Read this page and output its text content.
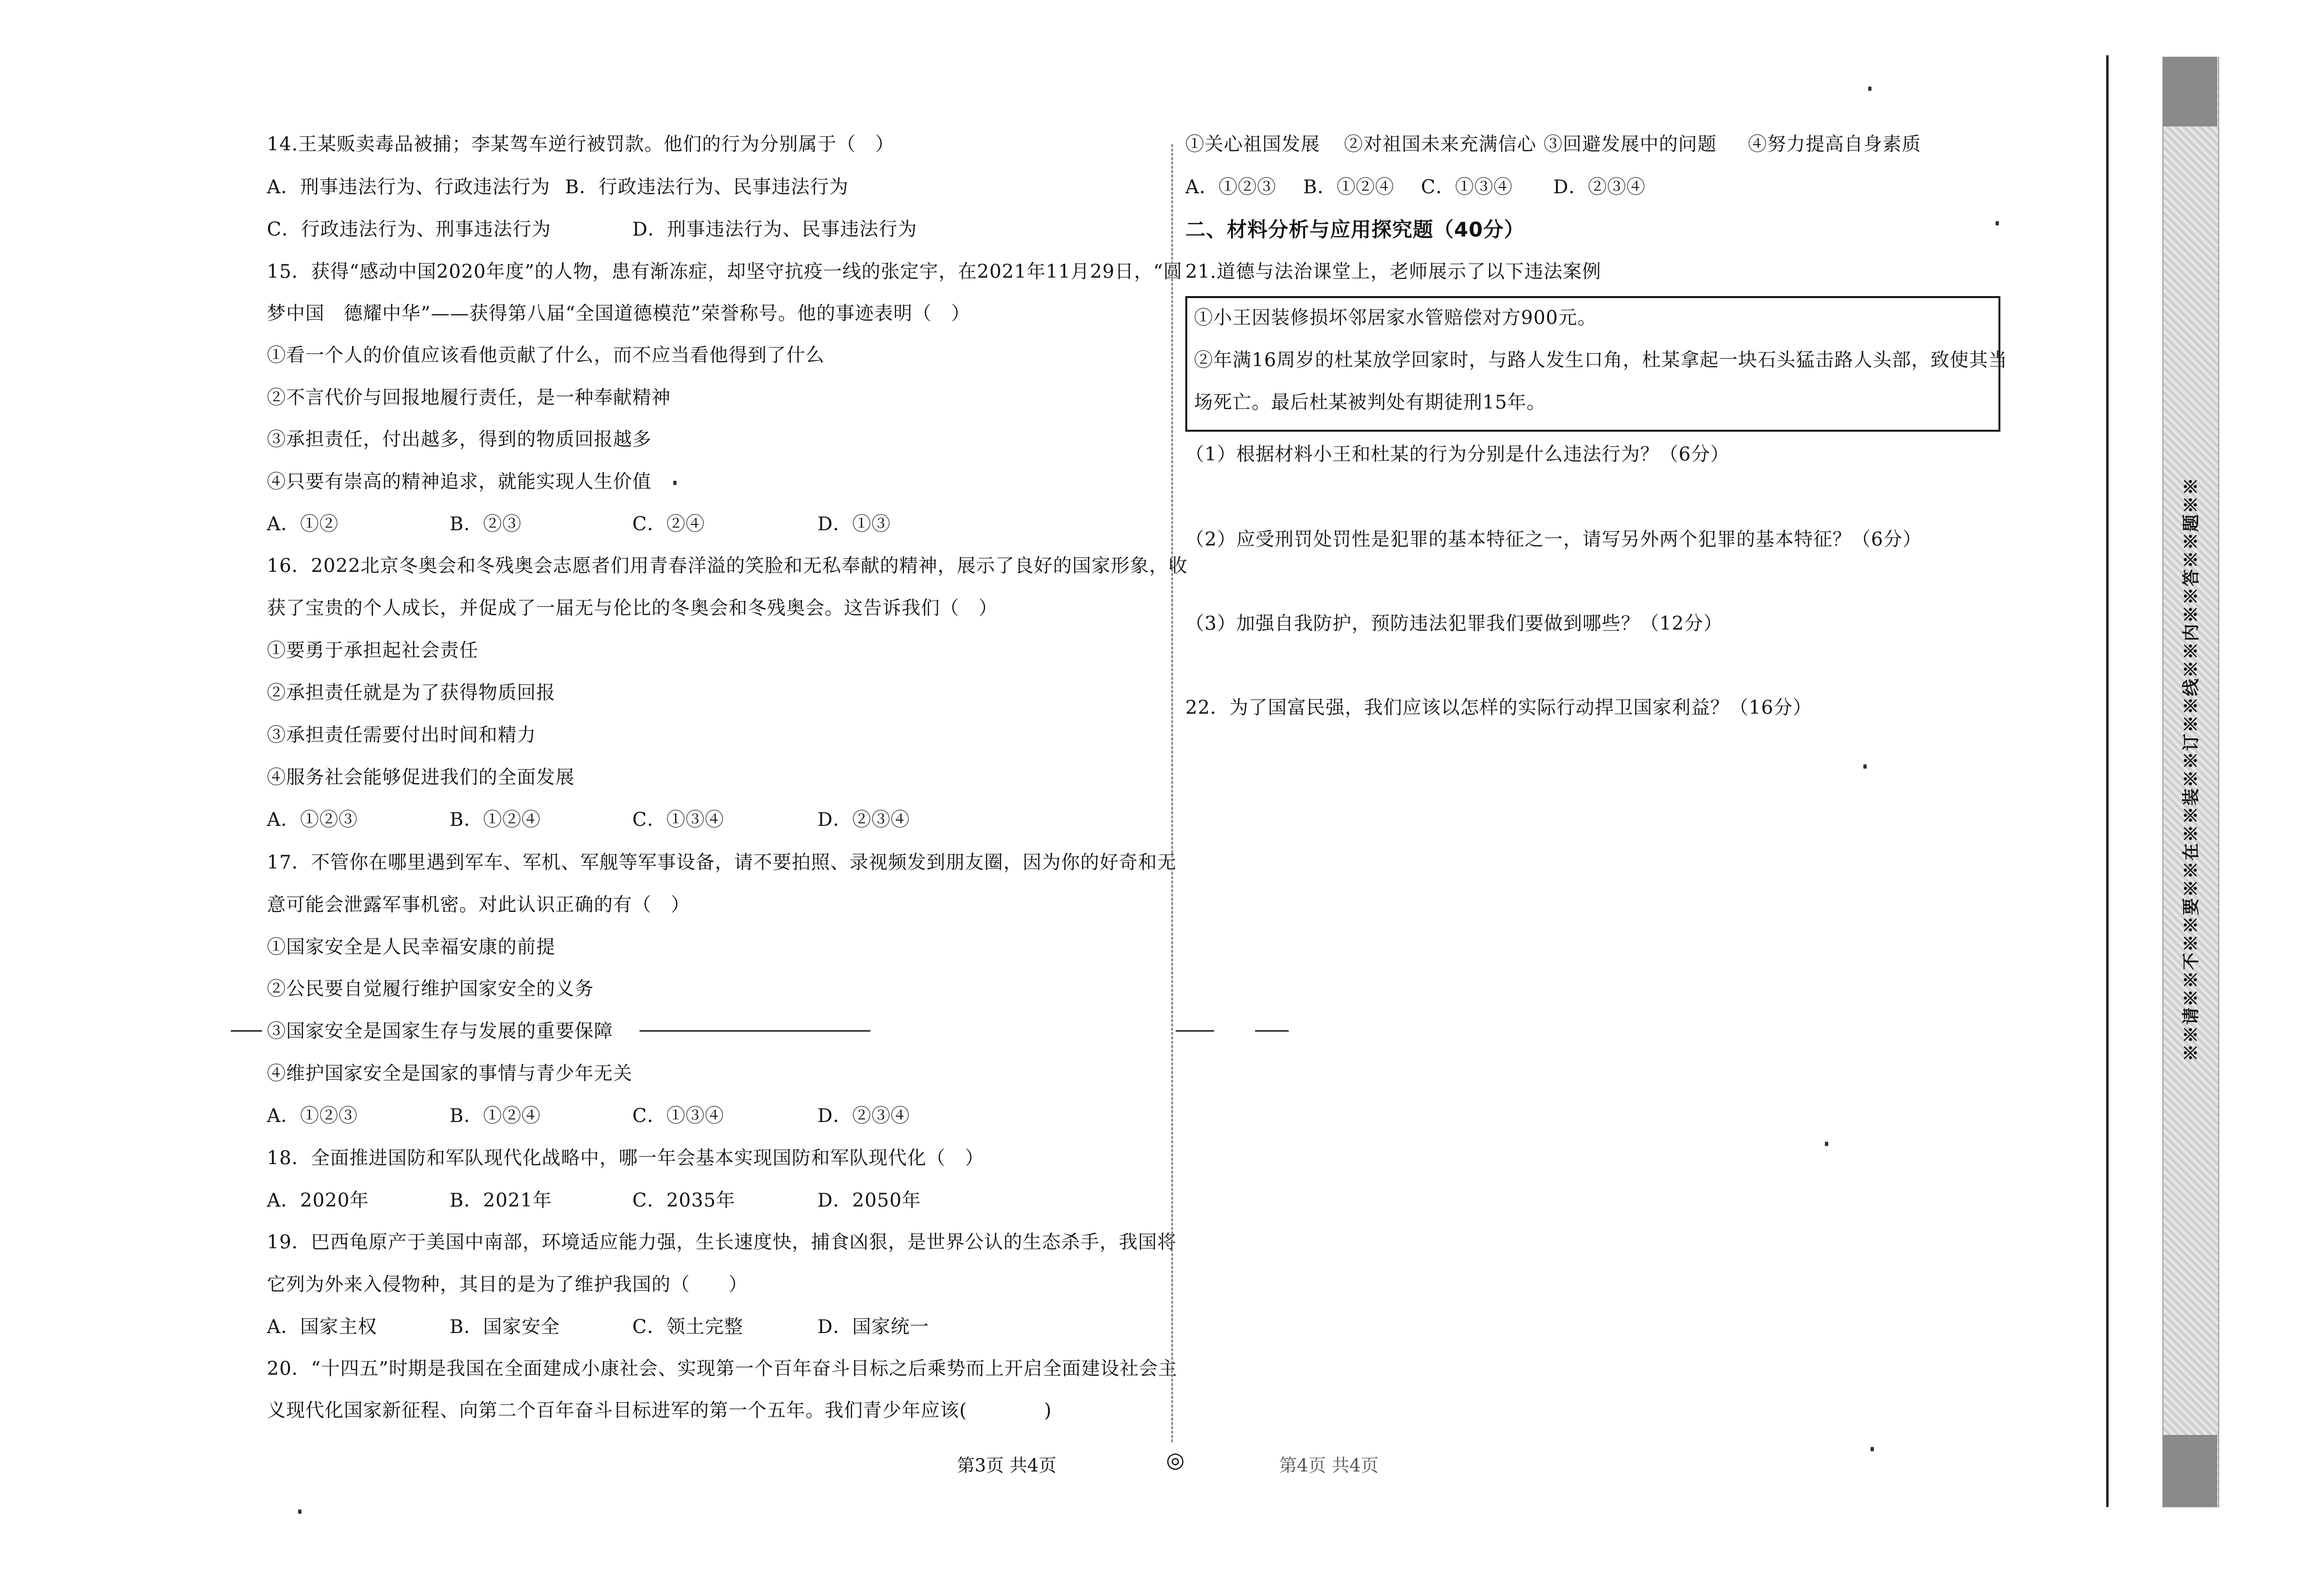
14.王某贩卖毒品被捕；李某驾车逆行被罚款。他们的行为分别属于（　）
A．刑事违法行为、行政违法行为 B．行政违法行为、民事违法行为
C．行政违法行为、刑事违法行为	D．刑事违法行为、民事违法行为
15．获得“感动中国2020年度”的人物，患有渐冻症，却坚守抗疫一线的张定宇，在2021年11月29日，“圆
梦中国　德耀中华”——获得第八届“全国道德模范”荣誉称号。他的事迹表明（　）
①看一个人的价值应该看他贡献了什么，而不应当看他得到了什么
②不言代价与回报地履行责任，是一种奉献精神
③承担责任，付出越多，得到的物质回报越多
④只要有崇高的精神追求，就能实现人生价值
A．①②	B．②③	C．②④	D．①③
16．2022北京冬奥会和冬残奥会志愿者们用青春洋溢的笑脸和无私奉献的精神，展示了良好的国家形象，收
获了宝贵的个人成长，并促成了一届无与伦比的冬奥会和冬残奥会。这告诉我们（　）
①要勇于承担起社会责任
②承担责任就是为了获得物质回报
③承担责任需要付出时间和精力
④服务社会能够促进我们的全面发展
A．①②③	B．①②④	C．①③④	D．②③④
17．不管你在哪里遇到军车、军机、军舰等军事设备，请不要拍照、录视频发到朋友圈，因为你的好奇和无
意可能会泄露军事机密。对此认识正确的有（　）
①国家安全是人民幸福安康的前提
②公民要自觉履行维护国家安全的义务
③国家安全是国家生存与发展的重要保障
④维护国家安全是国家的事情与青少年无关
A．①②③	B．①②④	C．①③④	D．②③④
18．全面推进国防和军队现代化战略中，哪一年会基本实现国防和军队现代化（　）
A．2020年	B．2021年	C．2035年	D．2050年
19．巴西龟原产于美国中南部，环境适应能力强，生长速度快，捕食凶狠，是世界公认的生态杀手，我国将
它列为外来入侵物种，其目的是为了维护我国的（　　）
A．国家主权	B．国家安全	C．领土完整	D．国家统一
20．“十四五”时期是我国在全面建成小康社会、实现第一个百年奋斗目标之后乘势而上开启全面建设社会主
义现代化国家新征程、向第二个百年奋斗目标进军的第一个五年。我们青少年应该(　　　　)
①关心祖国发展 ②对祖国未来充满信心 ③回避发展中的问题 ④努力提高自身素质
A．①②③ B．①②④ C．①③④ D．②③④
二、材料分析与应用探究题（40分）
21.道德与法治课堂上，老师展示了以下违法案例
①小王因装修损坏邻居家水管赔偿对方900元。
②年满16周岁的杜某放学回家时，与路人发生口角，杜某拿起一块石头猛击路人头部，致使其当
场死亡。最后杜某被判处有期徒刑15年。
（1）根据材料小王和杜某的行为分别是什么违法行为？（6分）
（2）应受刑罚处罚性是犯罪的基本特征之一，请写另外两个犯罪的基本特征？（6分）
（3）加强自我防护，预防违法犯罪我们要做到哪些？（12分）
22．为了国富民强，我们应该以怎样的实际行动捍卫国家利益？（16分）
第3页 共4页	◎	第4页 共4页
※※请※※不※※要※※在※※装※※订※※线※※内※※答※※题※※
